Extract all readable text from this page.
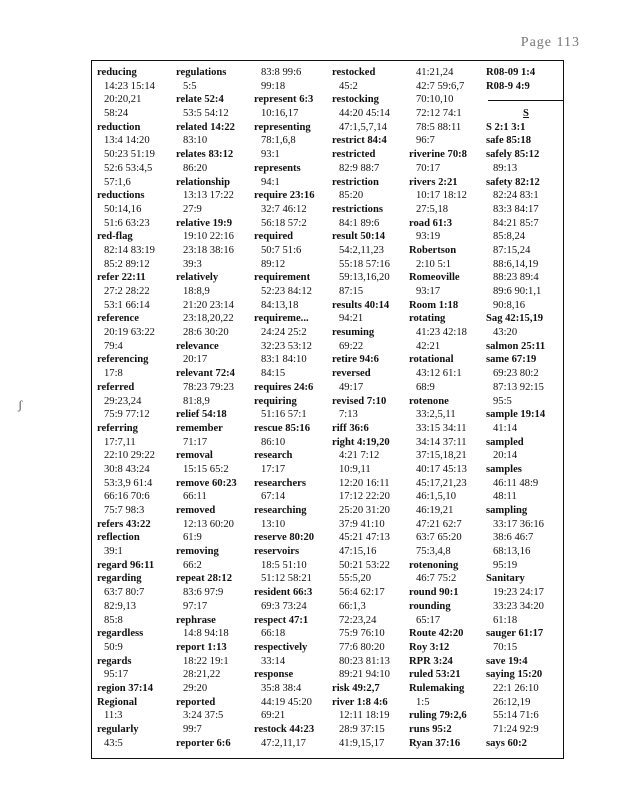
Page 113
ʃ
reducing
14:23 15:14
20:20,21
58:24
reduction
13:4 14:20
50:23 51:19
52:6 53:4,5
57:1,6
reductions
50:14,16
51:6 63:23
red-flag
82:14 83:19
85:2 89:12
refer 22:11
27:2 28:22
53:1 66:14
reference
20:19 63:22
79:4
referencing
17:8
referred
29:23,24
75:9 77:12
referring
17:7,11
22:10 29:22
30:8 43:24
53:3,9 61:4
66:16 70:6
75:7 98:3
refers 43:22
reflection
39:1
regard 96:11
regarding
63:7 80:7
82:9,13
85:8
regardless
50:9
regards
95:17
region 37:14
Regional
11:3
regularly
43:5
regulations
5:5
relate 52:4
53:5 54:12
related 14:22
83:10
relates 83:12
86:20
relationship
13:13 17:22
27:9
relative 19:9
19:10 22:16
23:18 38:16
39:3
relatively
18:8,9
21:20 23:14
23:18,20,22
28:6 30:20
relevance
20:17
relevant 72:4
78:23 79:23
81:8,9
relief 54:18
remember
71:17
removal
15:15 65:2
remove 60:23
66:11
removed
12:13 60:20
61:9
removing
66:2
repeat 28:12
83:6 97:9
97:17
rephrase
14:8 94:18
report 1:13
18:22 19:1
28:21,22
29:20
reported
3:24 37:5
99:7
reporter 6:6
83:8 99:6
99:18
represent 6:3
10:16,17
representing
78:1,6,8
93:1
represents
94:1
require 23:16
32:7 46:12
56:18 57:2
required
50:7 51:6
89:12
requirement
52:23 84:12
84:13,18
requireme...
24:24 25:2
32:23 53:12
83:1 84:10
84:15
requires 24:6
requiring
51:16 57:1
rescue 85:16
86:10
research
17:17
researchers
67:14
researching
13:10
reserve 80:20
reservoirs
18:5 51:10
51:12 58:21
resident 66:3
69:3 73:24
respect 47:1
66:18
respectively
33:14
response
35:8 38:4
44:19 45:20
69:21
restock 44:23
47:2,11,17
restocked
45:2
restocking
44:20 45:14
47:1,5,7,14
restrict 84:4
restricted
82:9 88:7
restriction
85:20
restrictions
84:1 89:6
result 50:14
54:2,11,23
55:18 57:16
59:13,16,20
87:15
results 40:14
94:21
resuming
69:22
retire 94:6
reversed
49:17
revised 7:10
7:13
riff 36:6
right 4:19,20
4:21 7:12
10:9,11
12:20 16:11
17:12 22:20
25:20 31:20
37:9 41:10
45:21 47:13
47:15,16
50:21 53:22
55:5,20
56:4 62:17
66:1,3
72:23,24
75:9 76:10
77:6 80:20
80:23 81:13
89:21 94:10
risk 49:2,7
river 1:8 4:6
12:11 18:19
28:9 37:15
41:9,15,17
41:21,24
42:7 59:6,7
70:10,10
72:12 74:1
78:5 88:11
96:7
riverine 70:8
70:17
rivers 2:21
10:17 18:12
27:5,18
road 61:3
93:19
Robertson
2:10 5:1
Romeoville
93:17
Room 1:18
rotating
41:23 42:18
42:21
rotational
43:12 61:1
68:9
rotenone
33:2,5,11
33:15 34:11
34:14 37:11
37:15,18,21
40:17 45:13
45:17,21,23
46:1,5,10
46:19,21
47:21 62:7
63:7 65:20
75:3,4,8
rotenoning
46:7 75:2
round 90:1
rounding
65:17
Route 42:20
Roy 3:12
RPR 3:24
ruled 53:21
Rulemaking
1:5
ruling 79:2,6
runs 95:2
Ryan 37:16
R08-09 1:4
R08-9 4:9
S
S 2:1 3:1
safe 85:18
safely 85:12
89:13
safety 82:12
82:24 83:1
83:3 84:17
84:21 85:7
85:8,24
87:15,24
88:6,14,19
88:23 89:4
89:6 90:1,1
90:8,16
Sag 42:15,19
43:20
salmon 25:11
same 67:19
69:23 80:2
87:13 92:15
95:5
sample 19:14
41:14
sampled
20:14
samples
46:11 48:9
48:11
sampling
33:17 36:16
38:6 46:7
68:13,16
95:19
Sanitary
19:23 24:17
33:23 34:20
61:18
sauger 61:17
70:15
save 19:4
saying 15:20
22:1 26:10
26:12,19
55:14 71:6
71:24 92:9
says 60:2
